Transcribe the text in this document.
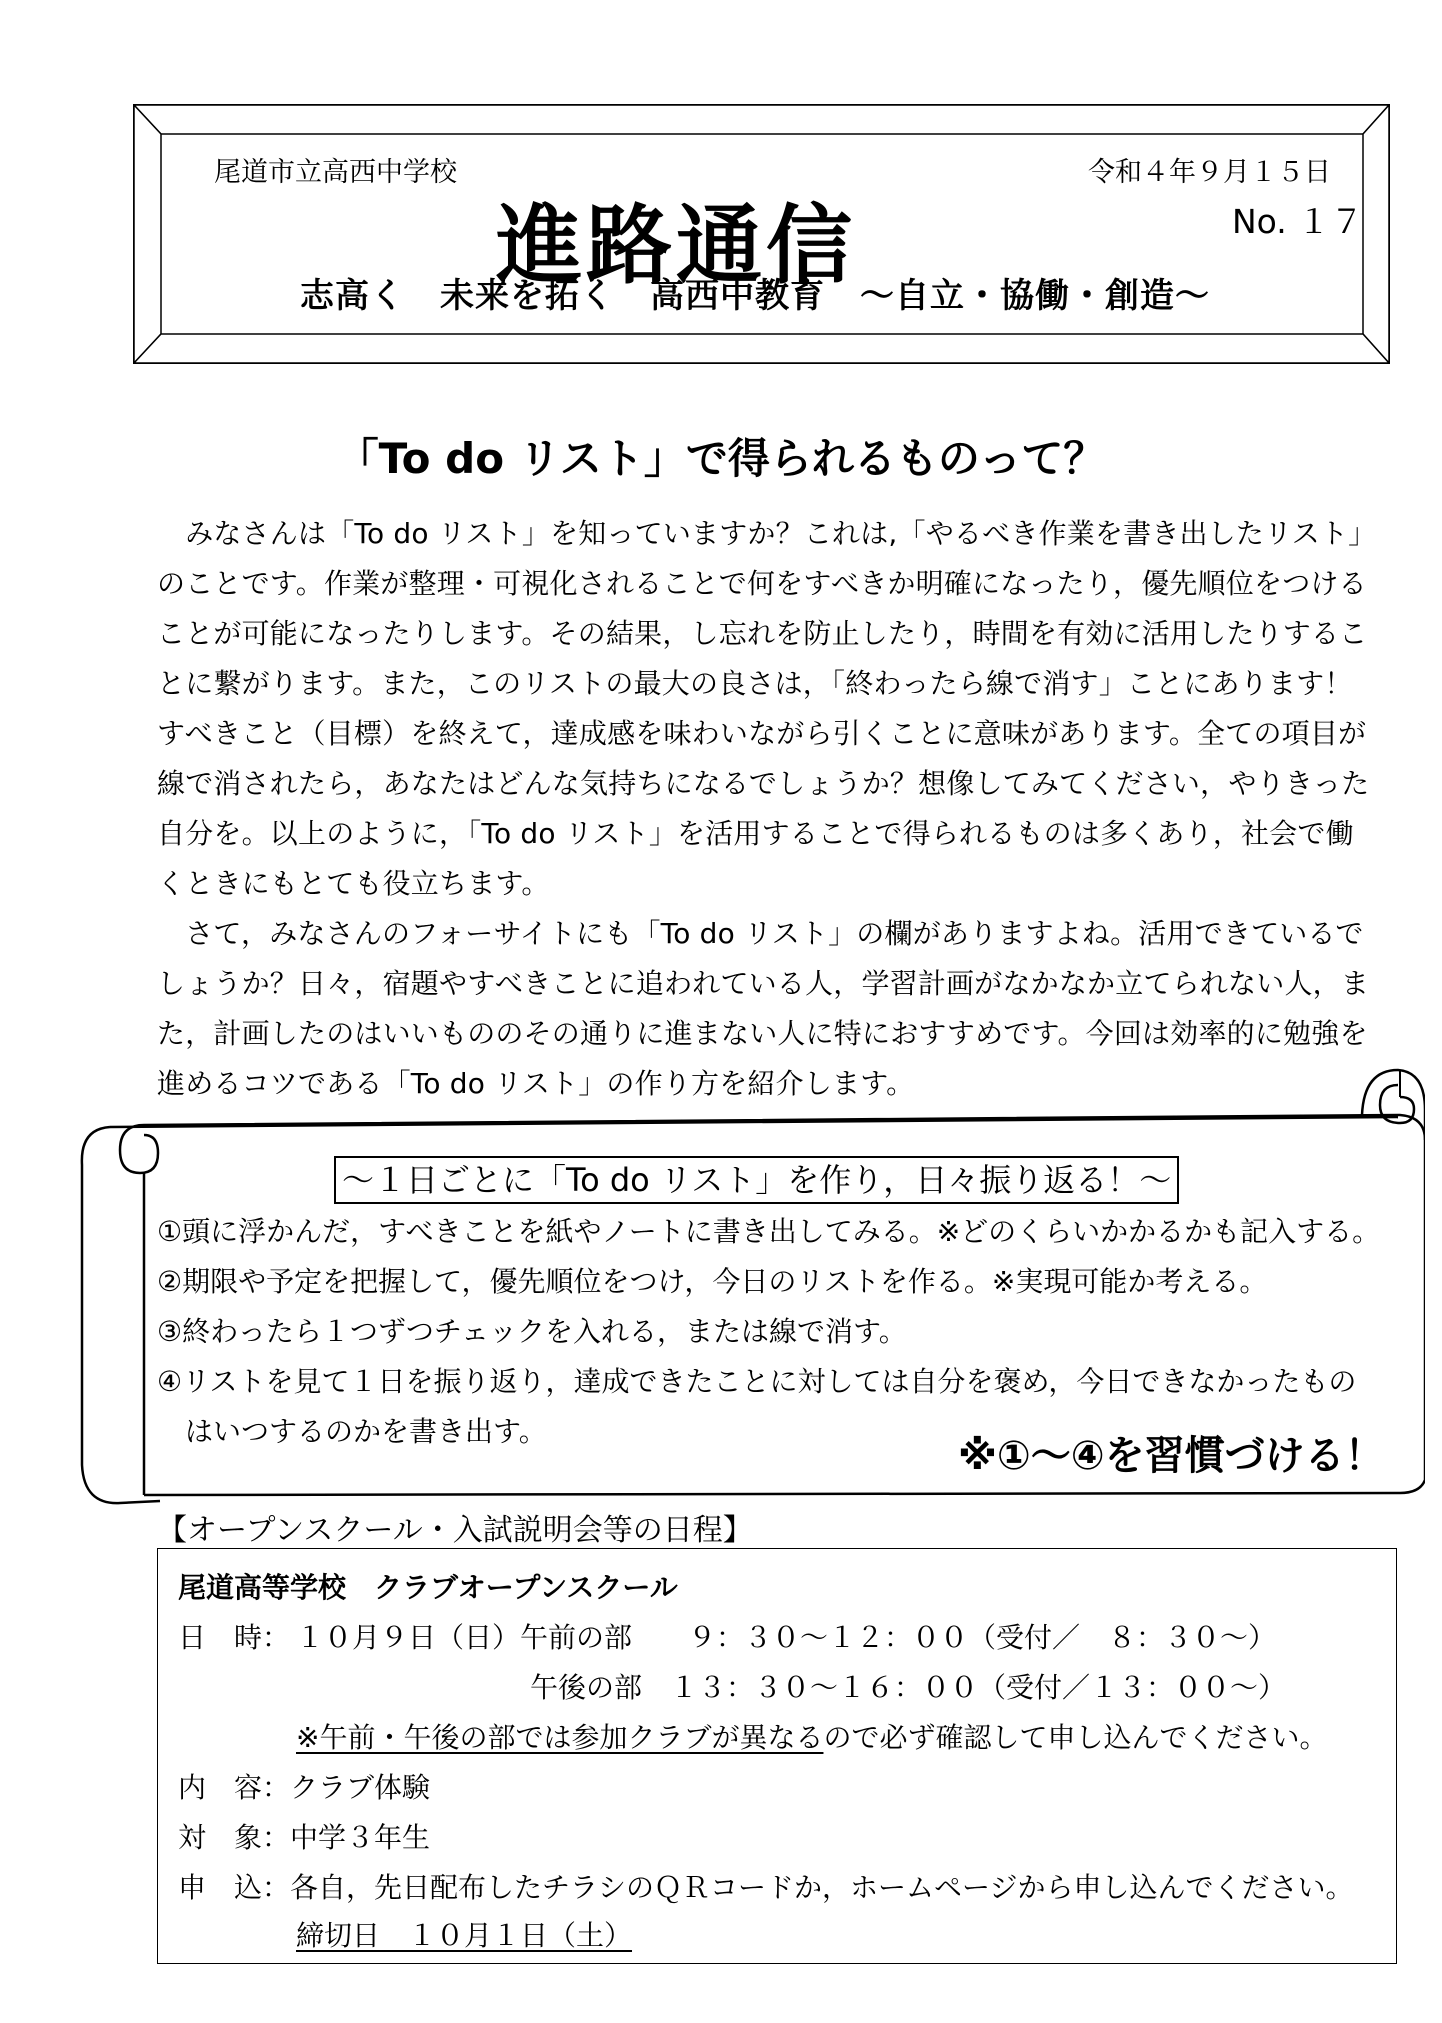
尾道市立高西中学校	令和４年９月１５日
進路通信	No. １７
志高く　未来を拓く　高西中教育　～自立・協働・創造～
「To do リスト」で得られるものって？
　みなさんは「To do リスト」を知っていますか？これは,「やるべき作業を書き出したリスト」
のことです。作業が整理・可視化されることで何をすべきか明確になったり，優先順位をつける
ことが可能になったりします。その結果，し忘れを防止したり，時間を有効に活用したりするこ
とに繋がります。また，このリストの最大の良さは，「終わったら線で消す」ことにあります！
すべきこと（目標）を終えて，達成感を味わいながら引くことに意味があります。全ての項目が
線で消されたら，あなたはどんな気持ちになるでしょうか？想像してみてください，やりきった
自分を。以上のように，「To do リスト」を活用することで得られるものは多くあり，社会で働
くときにもとても役立ちます。
　さて，みなさんのフォーサイトにも「To do リスト」の欄がありますよね。活用できているで
しょうか？日々，宿題やすべきことに追われている人，学習計画がなかなか立てられない人，ま
た，計画したのはいいもののその通りに進まない人に特におすすめです。今回は効率的に勉強を
進めるコツである「To do リスト」の作り方を紹介します。
～１日ごとに「To do リスト」を作り，日々振り返る！～
①頭に浮かんだ，すべきことを紙やノートに書き出してみる。※どのくらいかかるかも記入する。
②期限や予定を把握して，優先順位をつけ，今日のリストを作る。※実現可能か考える。
③終わったら１つずつチェックを入れる，または線で消す。
④リストを見て１日を振り返り，達成できたことに対しては自分を褒め，今日できなかったもの
　はいつするのかを書き出す。
※①～④を習慣づける！
【オープンスクール・入試説明会等の日程】
尾道高等学校　クラブオープンスクール
日　時： １０月９日（日）午前の部　　９：３０～１２：００（受付／　８：３０～）
午後の部　１３：３０～１６：００（受付／１３：００～）
※午前・午後の部では参加クラブが異なるので必ず確認して申し込んでください。
内　容：クラブ体験
対　象：中学３年生
申　込：各自，先日配布したチラシのＱＲコードか，ホームページから申し込んでください。
締切日　１０月１日（土）
